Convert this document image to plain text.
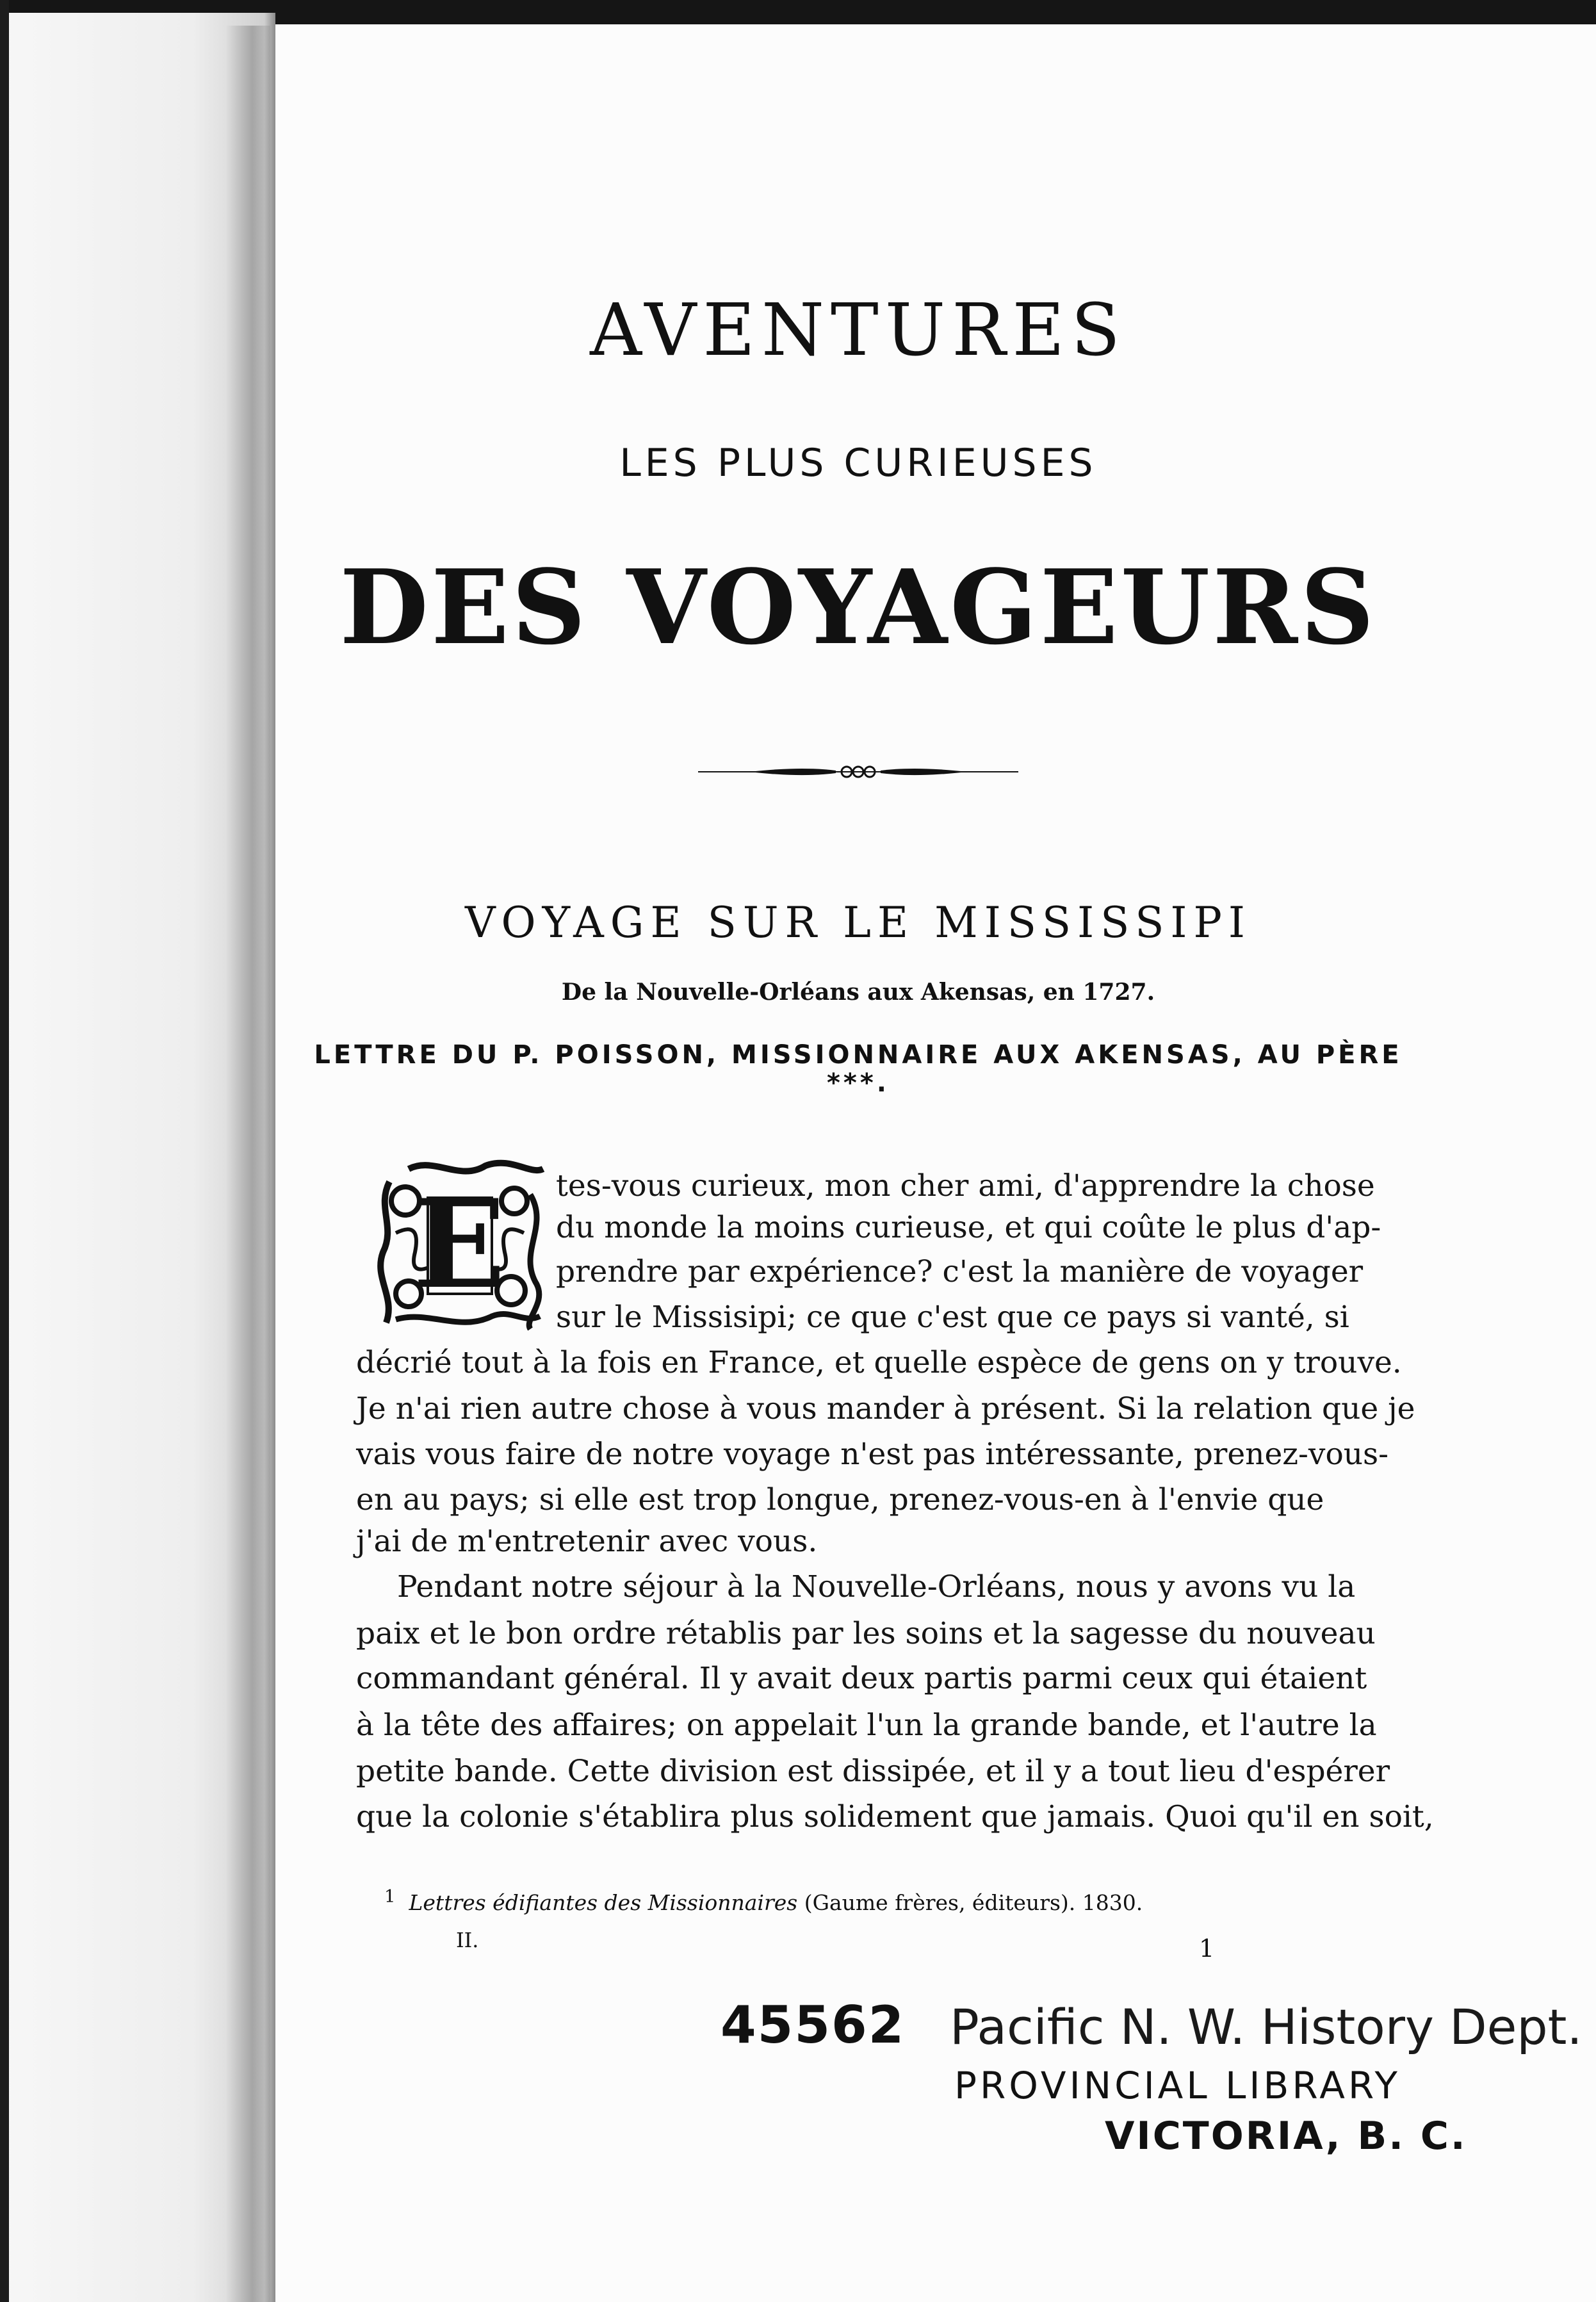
AVENTURES
LES PLUS CURIEUSES
DES VOYAGEURS
VOYAGE SUR LE MISSISSIPI
De la Nouvelle-Orléans aux Akensas, en 1727.
LETTRE DU P. POISSON, MISSIONNAIRE AUX AKENSAS, AU PÈRE ***.
E	tes-vous curieux, mon cher ami, d'apprendre la chose
du monde la moins curieuse, et qui coûte le plus d'ap-
prendre par expérience? c'est la manière de voyager
sur le Missisipi; ce que c'est que ce pays si vanté, si
décrié tout à la fois en France, et quelle espèce de gens on y trouve.
Je n'ai rien autre chose à vous mander à présent. Si la relation que je
vais vous faire de notre voyage n'est pas intéressante, prenez-vous-
en au pays; si elle est trop longue, prenez-vous-en à l'envie que
j'ai de m'entretenir avec vous.
Pendant notre séjour à la Nouvelle-Orléans, nous y avons vu la
paix et le bon ordre rétablis par les soins et la sagesse du nouveau
commandant général. Il y avait deux partis parmi ceux qui étaient
à la tête des affaires; on appelait l'un la grande bande, et l'autre la
petite bande. Cette division est dissipée, et il y a tout lieu d'espérer
que la colonie s'établira plus solidement que jamais. Quoi qu'il en soit,
$^1$ Lettres édifiantes des Missionnaires (Gaume frères, éditeurs). 1830.
II.	1
45562 Pacific N. W. History Dept.
PROVINCIAL LIBRARY
VICTORIA, B. C.
